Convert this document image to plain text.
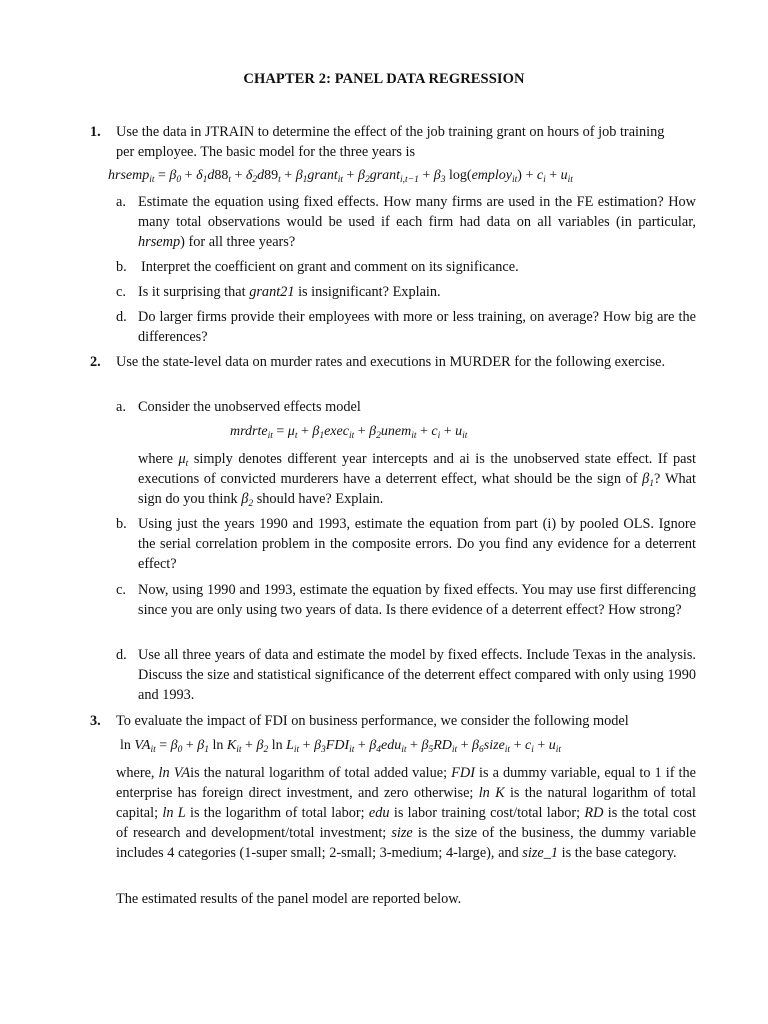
CHAPTER 2: PANEL DATA REGRESSION
1. Use the data in JTRAIN to determine the effect of the job training grant on hours of job training
per employee. The basic model for the three years is
hrsemp$_{it}$ = $\beta_0 + \delta_1d88_t + \delta_2d89_t$ + $\beta_1grant_{it}$ + $\beta_2grant_{i,t-1} + \beta_3$ log(employ$_{it}$) + $c_i + u_{it}$
a. Estimate the equation using fixed effects. How many firms are used in the FE estimation? How many total observations would be used if each firm had data on all variables (in particular, hrsemp) for all three years?
b. Interpret the coefficient on grant and comment on its significance.
c. Is it surprising that grant21 is insignificant? Explain.
d. Do larger firms provide their employees with more or less training, on average? How big are the differences?
2. Use the state-level data on murder rates and executions in MURDER for the following exercise.
a. Consider the unobserved effects model
mrdrte$_{it}$ = $\mu_t$ + $\beta_1exec_{it}$ + $\beta_2unem_{it} + c_i + u_{it}$
where $\mu_t$ simply denotes different year intercepts and ai is the unobserved state effect. If past executions of convicted murderers have a deterrent effect, what should be the sign of $\beta_1$? What sign do you think $\beta_2$ should have? Explain.
b. Using just the years 1990 and 1993, estimate the equation from part (i) by pooled OLS. Ignore the serial correlation problem in the composite errors. Do you find any evidence for a deterrent effect?
c. Now, using 1990 and 1993, estimate the equation by fixed effects. You may use first differencing since you are only using two years of data. Is there evidence of a deterrent effect? How strong?
d. Use all three years of data and estimate the model by fixed effects. Include Texas in the analysis. Discuss the size and statistical significance of the deterrent effect compared with only using 1990 and 1993.
3. To evaluate the impact of FDI on business performance, we consider the following model
$\ln VA_{it} = \beta_0 + \beta_1$ $\ln K_{it} + \beta_2$ $\ln L_{it} + \beta_3FDI_{it} + \beta_4edu_{it} + \beta_5RD_{it}$ + $\beta_6size_{it} + c_i + u_{it}$
where, ln VAis the natural logarithm of total added value; FDI is a dummy variable, equal to 1 if the enterprise has foreign direct investment, and zero otherwise; ln K is the natural logarithm of total capital; ln L is the logarithm of total labor; edu is labor training cost/total labor; RD is the total cost of research and development/total investment; size is the size of the business, the dummy variable includes 4 categories (1-super small; 2-small; 3-medium; 4-large), and size_1 is the base category.
The estimated results of the panel model are reported below.
